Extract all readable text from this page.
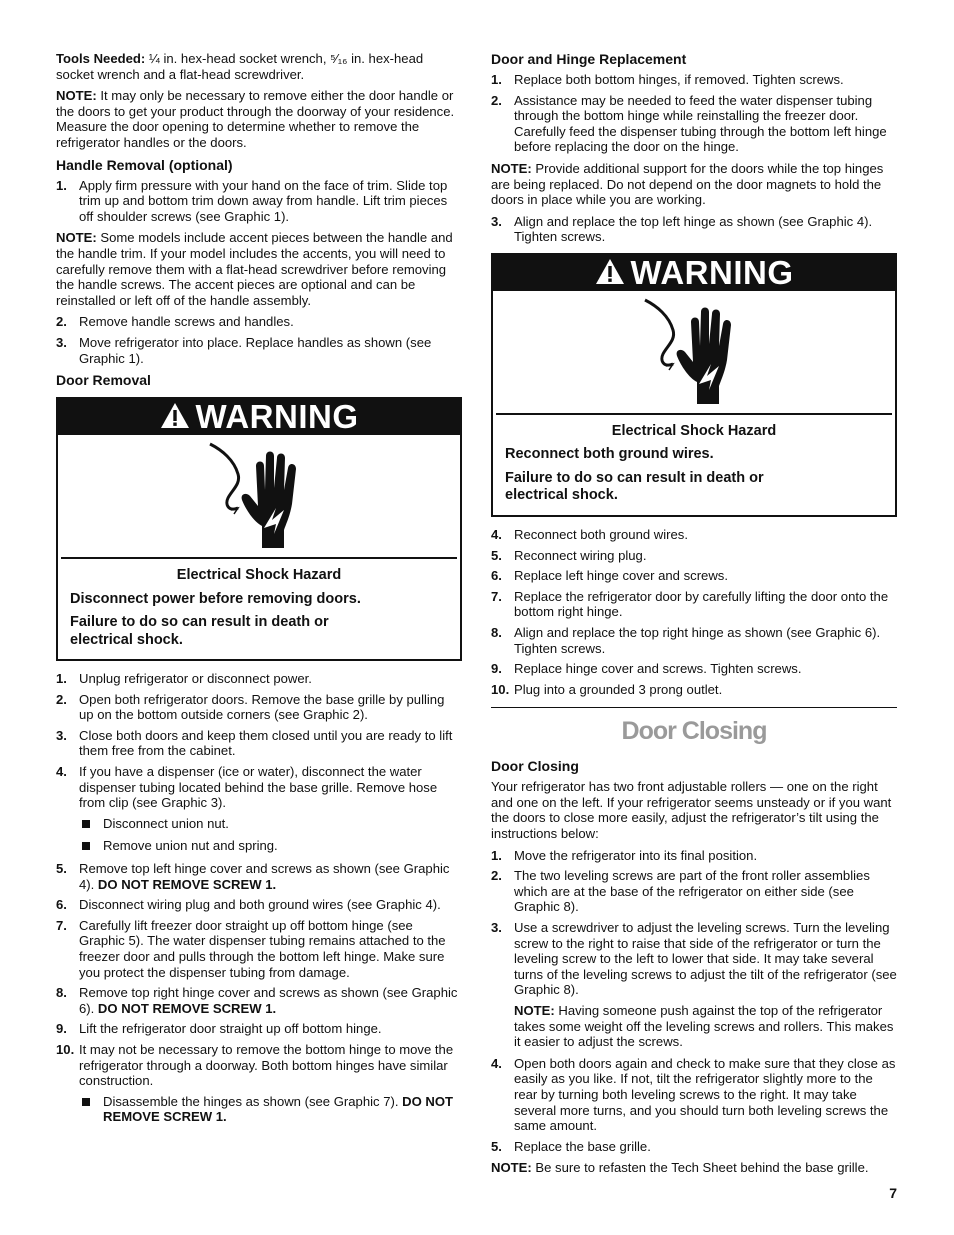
Tools Needed: ¼ in. hex-head socket wrench, ⁵⁄₁₆ in. hex-head socket wrench and a flat-head screwdriver.

NOTE: It may only be necessary to remove either the door handle or the doors to get your product through the doorway of your residence. Measure the door opening to determine whether to remove the refrigerator handles or the doors.

Handle Removal (optional)
1. Apply firm pressure with your hand on the face of trim. Slide top trim up and bottom trim down away from handle. Lift trim pieces off shoulder screws (see Graphic 1).

NOTE: Some models include accent pieces between the handle and the handle trim. If your model includes the accents, you will need to carefully remove them with a flat-head screwdriver before removing the handle screws. The accent pieces are optional and can be reinstalled or left off of the handle assembly.

2. Remove handle screws and handles.
3. Move refrigerator into place. Replace handles as shown (see Graphic 1).
Door Removal
WARNING
Electrical Shock Hazard
Disconnect power before removing doors.
Failure to do so can result in death or
electrical shock.
1. Unplug refrigerator or disconnect power.
2. Open both refrigerator doors. Remove the base grille by pulling up on the bottom outside corners (see Graphic 2).
3. Close both doors and keep them closed until you are ready to lift them free from the cabinet.
4. If you have a dispenser (ice or water), disconnect the water dispenser tubing located behind the base grille. Remove hose from clip (see Graphic 3).
Disconnect union nut.
Remove union nut and spring.
5. Remove top left hinge cover and screws as shown (see Graphic 4). DO NOT REMOVE SCREW 1.
6. Disconnect wiring plug and both ground wires (see Graphic 4).
7. Carefully lift freezer door straight up off bottom hinge (see Graphic 5). The water dispenser tubing remains attached to the freezer door and pulls through the bottom left hinge. Make sure you protect the dispenser tubing from damage.
8. Remove top right hinge cover and screws as shown (see Graphic 6). DO NOT REMOVE SCREW 1.
9. Lift the refrigerator door straight up off bottom hinge.
10. It may not be necessary to remove the bottom hinge to move the refrigerator through a doorway. Both bottom hinges have similar construction.
Disassemble the hinges as shown (see Graphic 7). DO NOT REMOVE SCREW 1.
Door and Hinge Replacement
1. Replace both bottom hinges, if removed. Tighten screws.
2. Assistance may be needed to feed the water dispenser tubing through the bottom hinge while reinstalling the freezer door. Carefully feed the dispenser tubing through the bottom left hinge before replacing the door on the hinge.

NOTE: Provide additional support for the doors while the top hinges are being replaced. Do not depend on the door magnets to hold the doors in place while you are working.

3. Align and replace the top left hinge as shown (see Graphic 4). Tighten screws.
WARNING
Electrical Shock Hazard
Reconnect both ground wires.
Failure to do so can result in death or
electrical shock.
4. Reconnect both ground wires.
5. Reconnect wiring plug.
6. Replace left hinge cover and screws.
7. Replace the refrigerator door by carefully lifting the door onto the bottom right hinge.
8. Align and replace the top right hinge as shown (see Graphic 6). Tighten screws.
9. Replace hinge cover and screws. Tighten screws.
10. Plug into a grounded 3 prong outlet.
Door Closing
Door Closing

Your refrigerator has two front adjustable rollers — one on the right and one on the left. If your refrigerator seems unsteady or if you want the doors to close more easily, adjust the refrigerator’s tilt using the instructions below:

1. Move the refrigerator into its final position.
2. The two leveling screws are part of the front roller assemblies which are at the base of the refrigerator on either side (see Graphic 8).
3. Use a screwdriver to adjust the leveling screws. Turn the leveling screw to the right to raise that side of the refrigerator or turn the leveling screw to the left to lower that side. It may take several turns of the leveling screws to adjust the tilt of the refrigerator (see Graphic 8).

NOTE: Having someone push against the top of the refrigerator takes some weight off the leveling screws and rollers. This makes it easier to adjust the screws.

4. Open both doors again and check to make sure that they close as easily as you like. If not, tilt the refrigerator slightly more to the rear by turning both leveling screws to the right. It may take several more turns, and you should turn both leveling screws the same amount.
5. Replace the base grille.

NOTE: Be sure to refasten the Tech Sheet behind the base grille.

7
